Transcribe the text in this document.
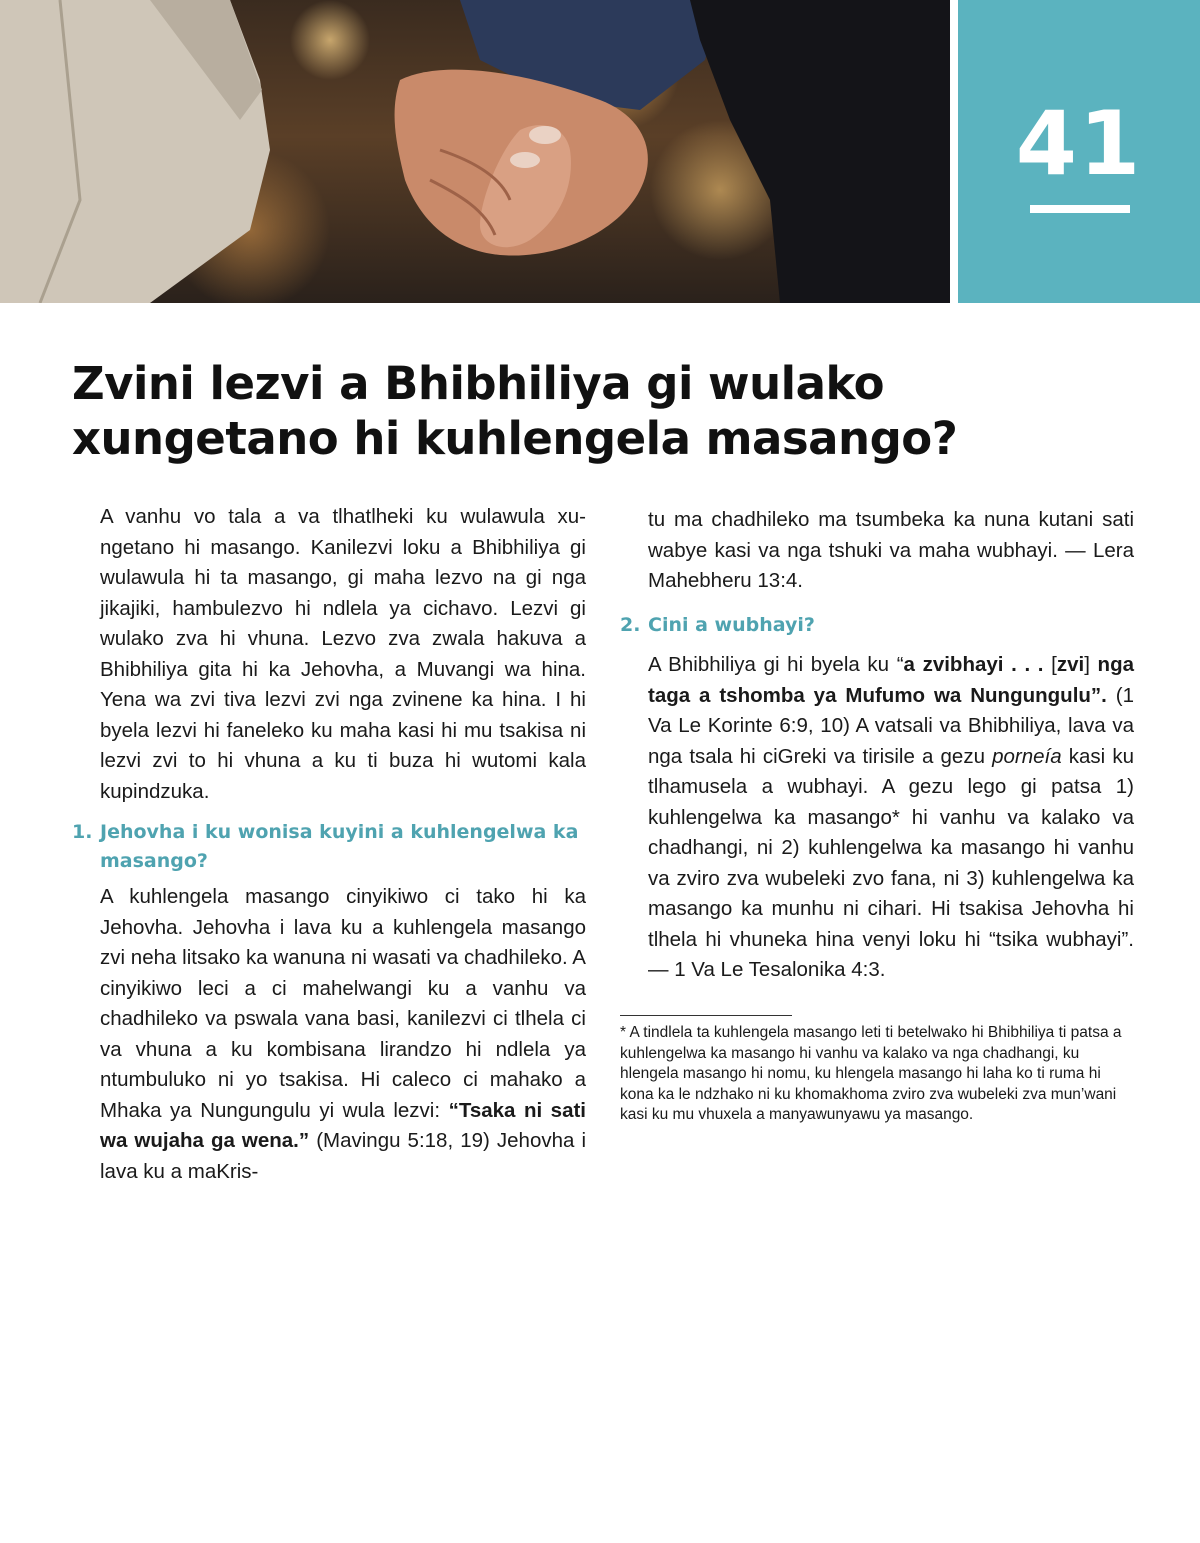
41
Zvini lezvi a Bhibhiliya gi wulako xungetano hi kuhlengela masango?

A vanhu vo tala a va tlhatlheki ku wulawula xungetano hi masango. Kanilezvi loku a Bhibhiliya gi wulawula hi ta masango, gi maha lezvo na gi nga jikajiki, hambulezvo hi ndlela ya cichavo. Lezvi gi wulako zva hi vhuna. Lezvo zva zwala hakuva a Bhibhiliya gita hi ka Jehovha, a Muvangi wa hina. Yena wa zvi tiva lezvi zvi nga zvinene ka hina. I hi byela lezvi hi faneleko ku maha kasi hi mu tsakisa ni lezvi zvi to hi vhuna a ku ti buza hi wutomi kala kupindzuka.

1. Jehovha i ku wonisa kuyini a kuhlengelwa ka masango?

A kuhlengela masango cinyikiwo ci tako hi ka Jehovha. Jehovha i lava ku a kuhlengela masango zvi neha litsako ka wanuna ni wasati va chadhileko. A cinyikiwo leci a ci mahelwangi ku a vanhu va chadhileko va pswala vana basi, kanilezvi ci tlhela ci va vhuna a ku kombisana lirandzo hi ndlela ya ntumbuluko ni yo tsakisa. Hi caleco ci mahako a Mhaka ya Nungungulu yi wula lezvi: “Tsaka ni sati wa wujaha ga wena.” (Mavingu 5:18, 19) Jehovha i lava ku a maKris-

tu ma chadhileko ma tsumbeka ka nuna kutani sati wabye kasi va nga tshuki va maha wubhayi. — Lera Mahebheru 13:4.

2. Cini a wubhayi?

A Bhibhiliya gi hi byela ku “a zvibhayi . . . [zvi] nga taga a tshomba ya Mufumo wa Nungungulu”. (1 Va Le Korinte 6:9, 10) A vatsali va Bhibhiliya, lava va nga tsala hi ciGreki va tirisile a gezu porneía kasi ku tlhamusela a wubhayi. A gezu lego gi patsa 1) kuhlengelwa ka masango* hi vanhu va kalako va chadhangi, ni 2) kuhlengelwa ka masango hi vanhu va zviro zva wubeleki zvo fana, ni 3) kuhlengelwa ka masango ka munhu ni cihari. Hi tsakisa Jehovha hi tlhela hi vhuneka hina venyi loku hi “tsika wubhayi”. — 1 Va Le Tesalonika 4:3.

* A tindlela ta kuhlengela masango leti ti betelwako hi Bhibhiliya ti patsa a kuhlengelwa ka masango hi vanhu va kalako va nga chadhangi, ku hlengela masango hi nomu, ku hlengela masango hi laha ko ti ruma hi kona ka le ndzhako ni ku khomakhoma zviro zva wubeleki zva mun’wani kasi ku mu vhuxela a manyawunyawu ya masango.
